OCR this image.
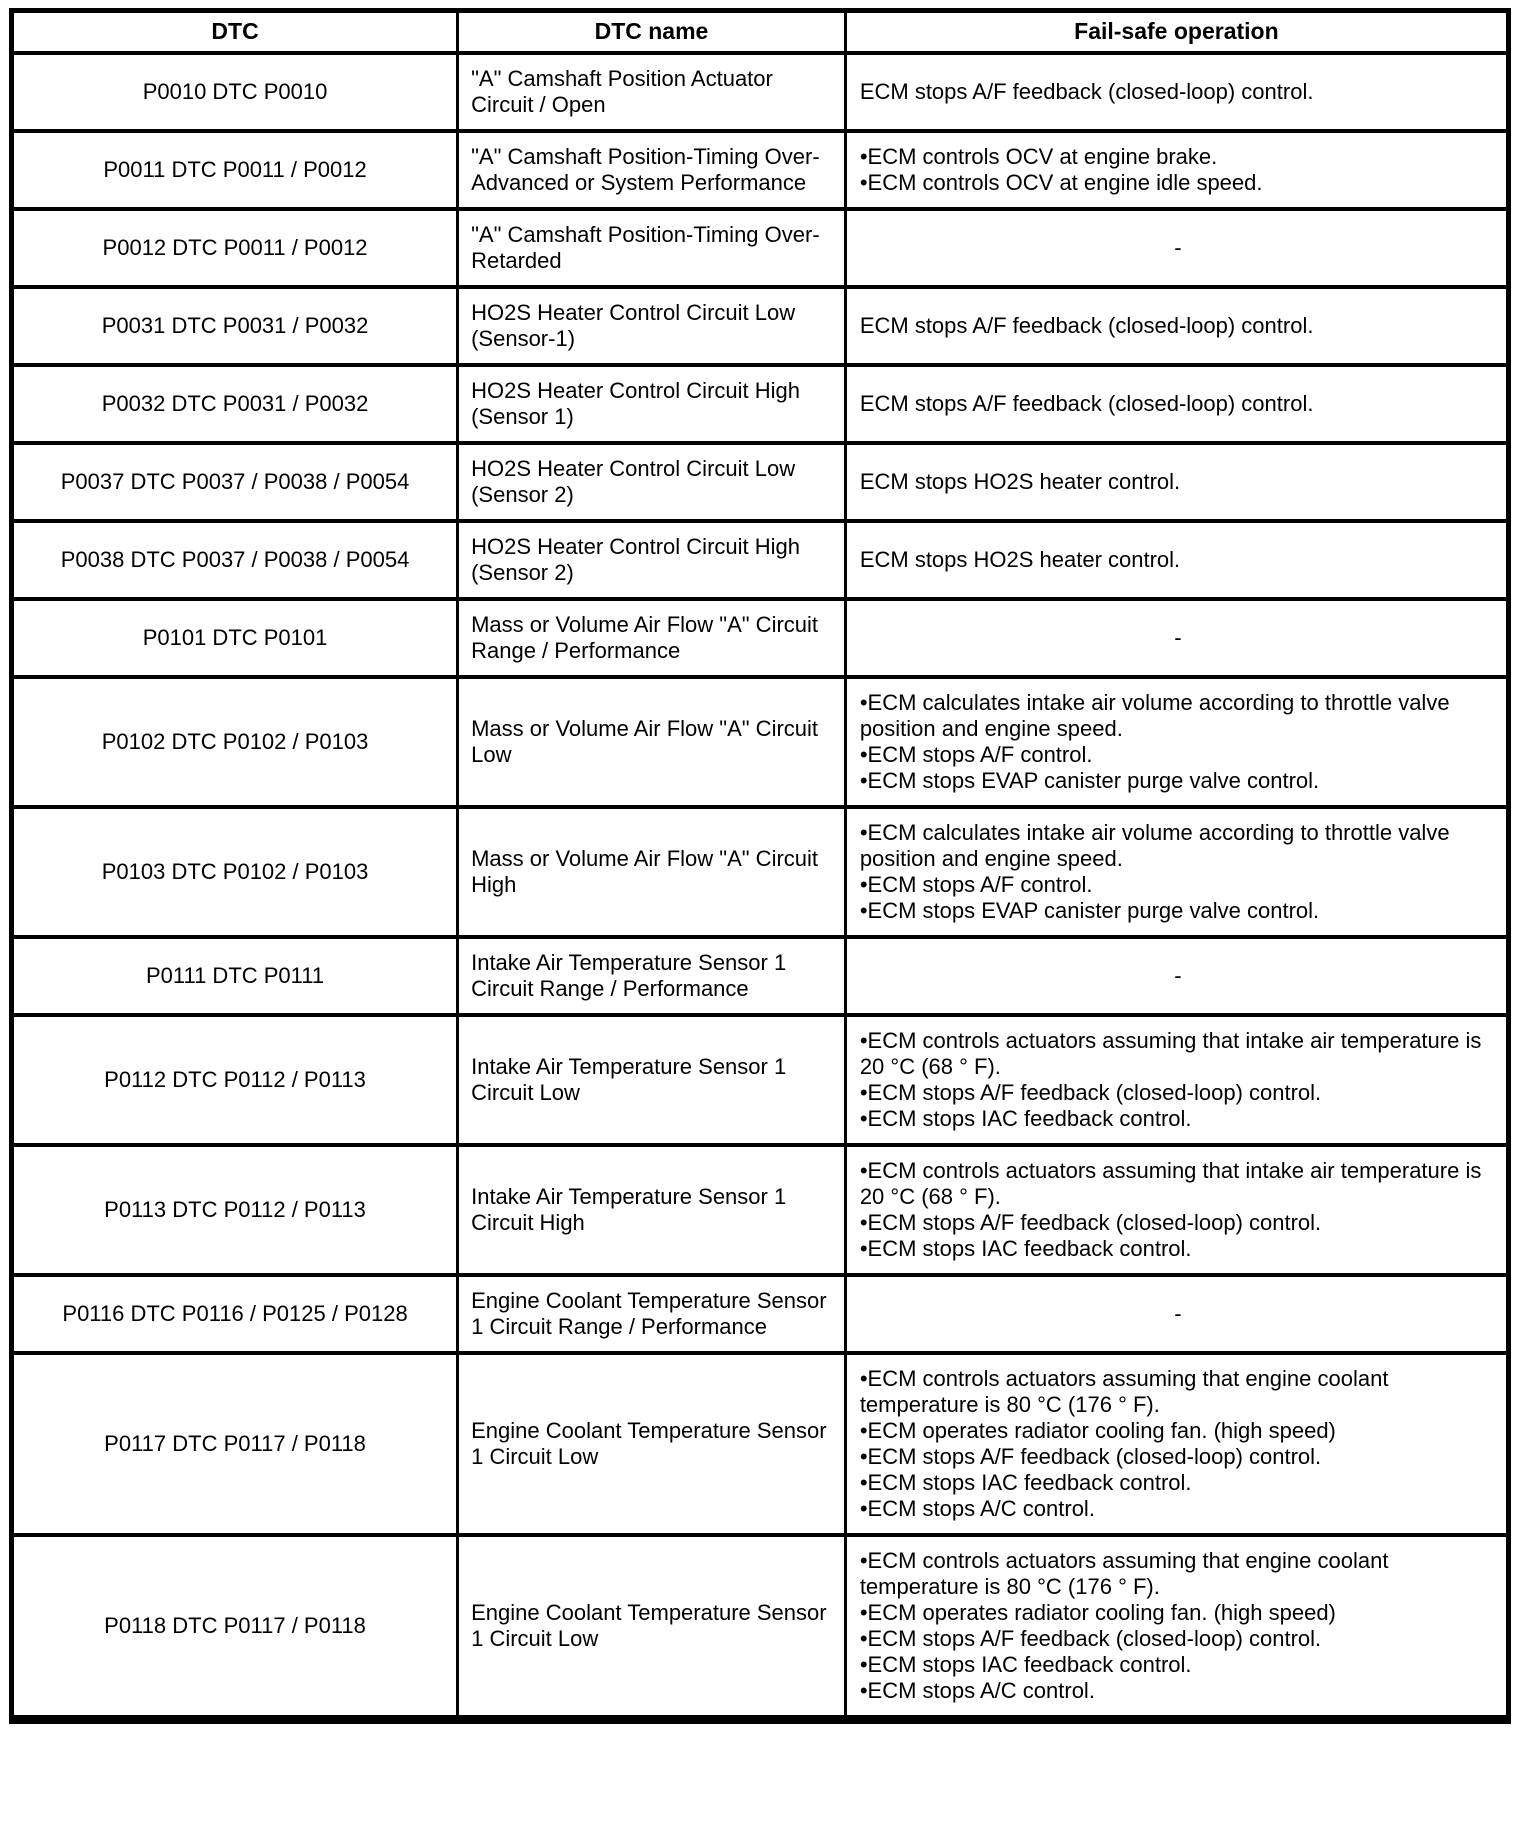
DTC	DTC name	Fail-safe operation
P0010 DTC P0010	"A" Camshaft Position Actuator Circuit / Open	ECM stops A/F feedback (closed-loop) control.
P0011 DTC P0011 / P0012	"A" Camshaft Position-Timing Over-Advanced or System Performance	•ECM controls OCV at engine brake.
•ECM controls OCV at engine idle speed.

P0012 DTC P0011 / P0012	"A" Camshaft Position-Timing Over-Retarded	-
P0031 DTC P0031 / P0032	HO2S Heater Control Circuit Low (Sensor-1)	ECM stops A/F feedback (closed-loop) control.
P0032 DTC P0031 / P0032	HO2S Heater Control Circuit High (Sensor 1)	ECM stops A/F feedback (closed-loop) control.
P0037 DTC P0037 / P0038 / P0054	HO2S Heater Control Circuit Low (Sensor 2)	ECM stops HO2S heater control.
P0038 DTC P0037 / P0038 / P0054	HO2S Heater Control Circuit High (Sensor 2)	ECM stops HO2S heater control.
P0101 DTC P0101	Mass or Volume Air Flow "A" Circuit Range / Performance	-
P0102 DTC P0102 / P0103	Mass or Volume Air Flow "A" Circuit Low	•ECM calculates intake air volume according to throttle valve position and engine speed.
•ECM stops A/F control.
•ECM stops EVAP canister purge valve control.

P0103 DTC P0102 / P0103	Mass or Volume Air Flow "A" Circuit High	•ECM calculates intake air volume according to throttle valve position and engine speed.
•ECM stops A/F control.
•ECM stops EVAP canister purge valve control.

P0111 DTC P0111	Intake Air Temperature Sensor 1 Circuit Range / Performance	-
P0112 DTC P0112 / P0113	Intake Air Temperature Sensor 1 Circuit Low	•ECM controls actuators assuming that intake air temperature is 20 °C (68 ° F).
•ECM stops A/F feedback (closed-loop) control.
•ECM stops IAC feedback control.

P0113 DTC P0112 / P0113	Intake Air Temperature Sensor 1 Circuit High	•ECM controls actuators assuming that intake air temperature is 20 °C (68 ° F).
•ECM stops A/F feedback (closed-loop) control.
•ECM stops IAC feedback control.

P0116 DTC P0116 / P0125 / P0128	Engine Coolant Temperature Sensor 1 Circuit Range / Performance	-
P0117 DTC P0117 / P0118	Engine Coolant Temperature Sensor 1 Circuit Low	•ECM controls actuators assuming that engine coolant temperature is 80 °C (176 ° F).
•ECM operates radiator cooling fan. (high speed)
•ECM stops A/F feedback (closed-loop) control.
•ECM stops IAC feedback control.
•ECM stops A/C control.

P0118 DTC P0117 / P0118	Engine Coolant Temperature Sensor 1 Circuit Low	•ECM controls actuators assuming that engine coolant temperature is 80 °C (176 ° F).
•ECM operates radiator cooling fan. (high speed)
•ECM stops A/F feedback (closed-loop) control.
•ECM stops IAC feedback control.
•ECM stops A/C control.
